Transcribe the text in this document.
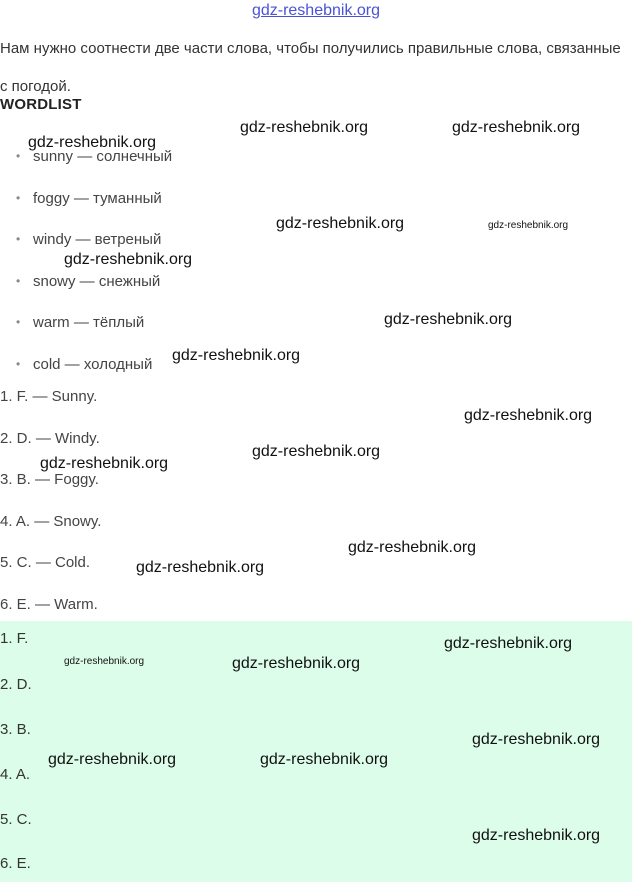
gdz-reshebnik.org
Нам нужно соотнести две части слова, чтобы получились правильные слова, связанные с погодой.
WORDLIST
• sunny — солнечный
• foggy — туманный
• windy — ветреный
• snowy — снежный
• warm — тёплый
• cold — холодный
1. F. — Sunny.
2. D. — Windy.
3. B. — Foggy.
4. A. — Snowy.
5. C. — Cold.
6. E. — Warm.
1. F.
2. D.
3. B.
4. A.
5. C.
6. E.
gdz-reshebnik.org
gdz-reshebnik.org	gdz-reshebnik.org
gdz-reshebnik.org	gdz-reshebnik.org
gdz-reshebnik.org
gdz-reshebnik.org
gdz-reshebnik.org
gdz-reshebnik.org
gdz-reshebnik.org
gdz-reshebnik.org
gdz-reshebnik.org
gdz-reshebnik.org
gdz-reshebnik.org
gdz-reshebnik.org	gdz-reshebnik.org
gdz-reshebnik.org
gdz-reshebnik.org	gdz-reshebnik.org
gdz-reshebnik.org
